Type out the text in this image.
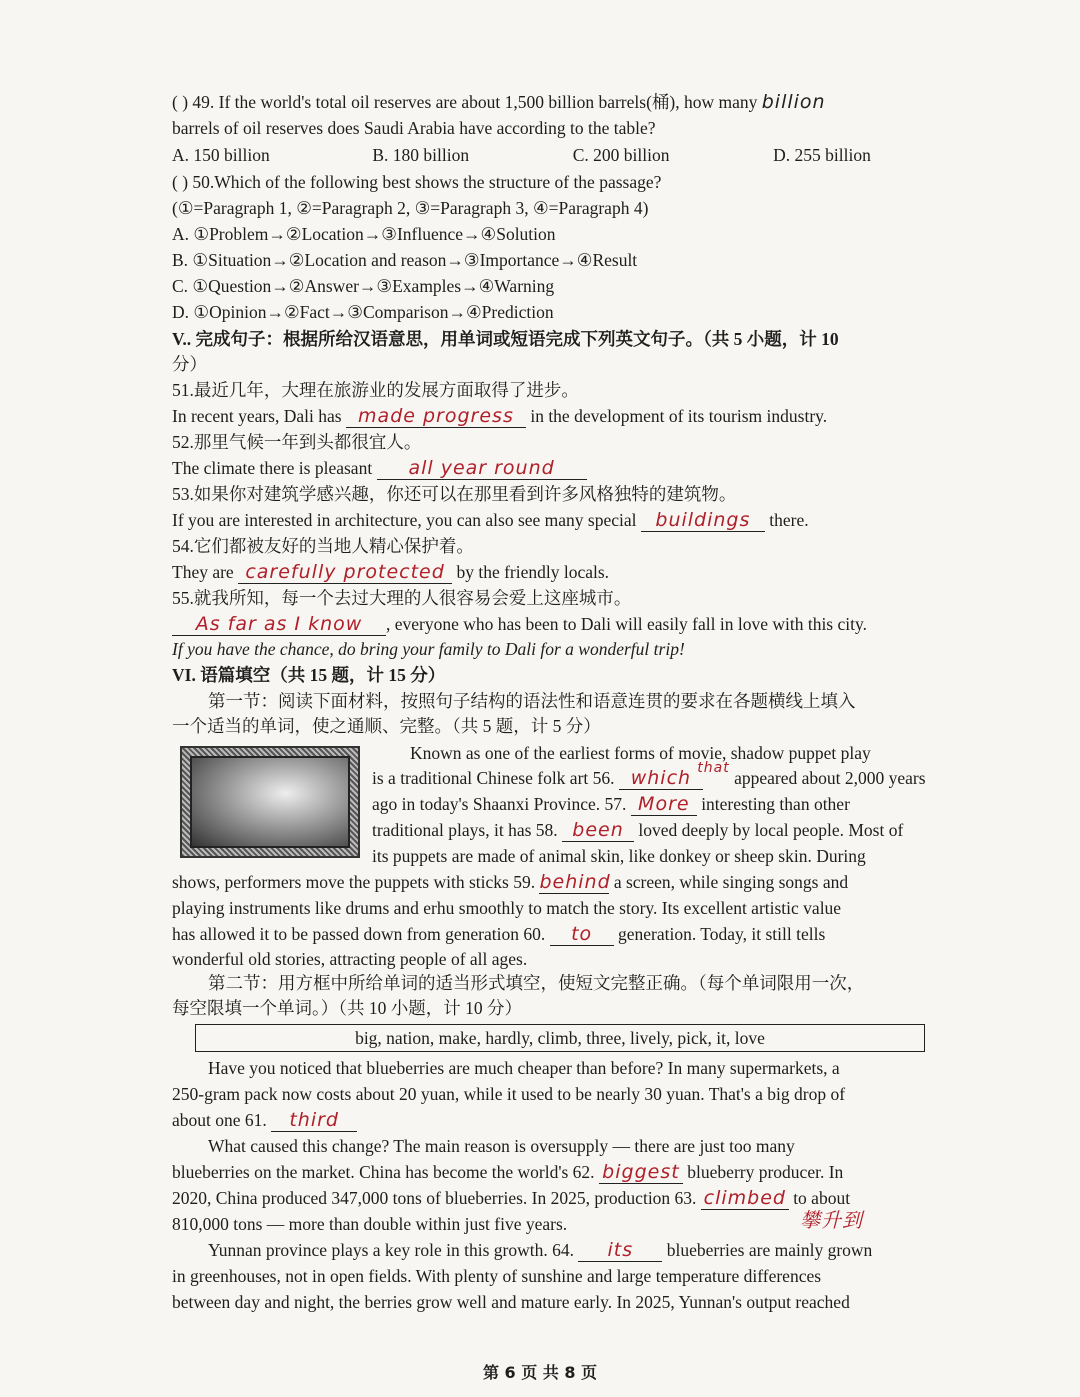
( ) 49. If the world's total oil reserves are about 1,500 billion barrels(桶), how many billion
barrels of oil reserves does Saudi Arabia have according to the table?
A. 150 billion	B. 180 billion	C. 200 billion	D. 255 billion
( ) 50.Which of the following best shows the structure of the passage?
(①=Paragraph 1, ②=Paragraph 2, ③=Paragraph 3, ④=Paragraph 4)
A. ①Problem→②Location→③Influence→④Solution
B. ①Situation→②Location and reason→③Importance→④Result
C. ①Question→②Answer→③Examples→④Warning
D. ①Opinion→②Fact→③Comparison→④Prediction
V.. 完成句子：根据所给汉语意思，用单词或短语完成下列英文句子。（共 5 小题，计 10
分）
51.最近几年，大理在旅游业的发展方面取得了进步。
In recent years, Dali has made progress in the development of its tourism industry.
52.那里气候一年到头都很宜人。
The climate there is pleasant all year round
53.如果你对建筑学感兴趣，你还可以在那里看到许多风格独特的建筑物。
If you are interested in architecture, you can also see many special buildings there.
54.它们都被友好的当地人精心保护着。
They are carefully protected by the friendly locals.
55.就我所知，每一个去过大理的人很容易会爱上这座城市。
As far as I know , everyone who has been to Dali will easily fall in love with this city.
If you have the chance, do bring your family to Dali for a wonderful trip!
VI. 语篇填空（共 15 题，计 15 分）
第一节：阅读下面材料，按照句子结构的语法性和语意连贯的要求在各题横线上填入
一个适当的单词，使之通顺、完整。（共 5 题，计 5 分）
Known as one of the earliest forms of movie, shadow puppet play
is a traditional Chinese folk art 56. which $^{that}$ appeared about 2,000 years
ago in today's Shaanxi Province. 57. More interesting than other
traditional plays, it has 58. been loved deeply by local people. Most of
its puppets are made of animal skin, like donkey or sheep skin. During
shows, performers move the puppets with sticks 59. behind a screen, while singing songs and
playing instruments like drums and erhu smoothly to match the story. Its excellent artistic value
has allowed it to be passed down from generation 60. to generation. Today, it still tells
wonderful old stories, attracting people of all ages.
第二节：用方框中所给单词的适当形式填空，使短文完整正确。（每个单词限用一次，
每空限填一个单词。）（共 10 小题，计 10 分）
big, nation, make, hardly, climb, three, lively, pick, it, love
Have you noticed that blueberries are much cheaper than before? In many supermarkets, a
250-gram pack now costs about 20 yuan, while it used to be nearly 30 yuan. That's a big drop of
about one 61. third
What caused this change? The main reason is oversupply — there are just too many
blueberries on the market. China has become the world's 62. biggest blueberry producer. In
2020, China produced 347,000 tons of blueberries. In 2025, production 63. climbed to about
攀升到
810,000 tons — more than double within just five years.
Yunnan province plays a key role in this growth. 64. its blueberries are mainly grown
in greenhouses, not in open fields. With plenty of sunshine and large temperature differences
between day and night, the berries grow well and mature early. In 2025, Yunnan's output reached
第 6 页 共 8 页
